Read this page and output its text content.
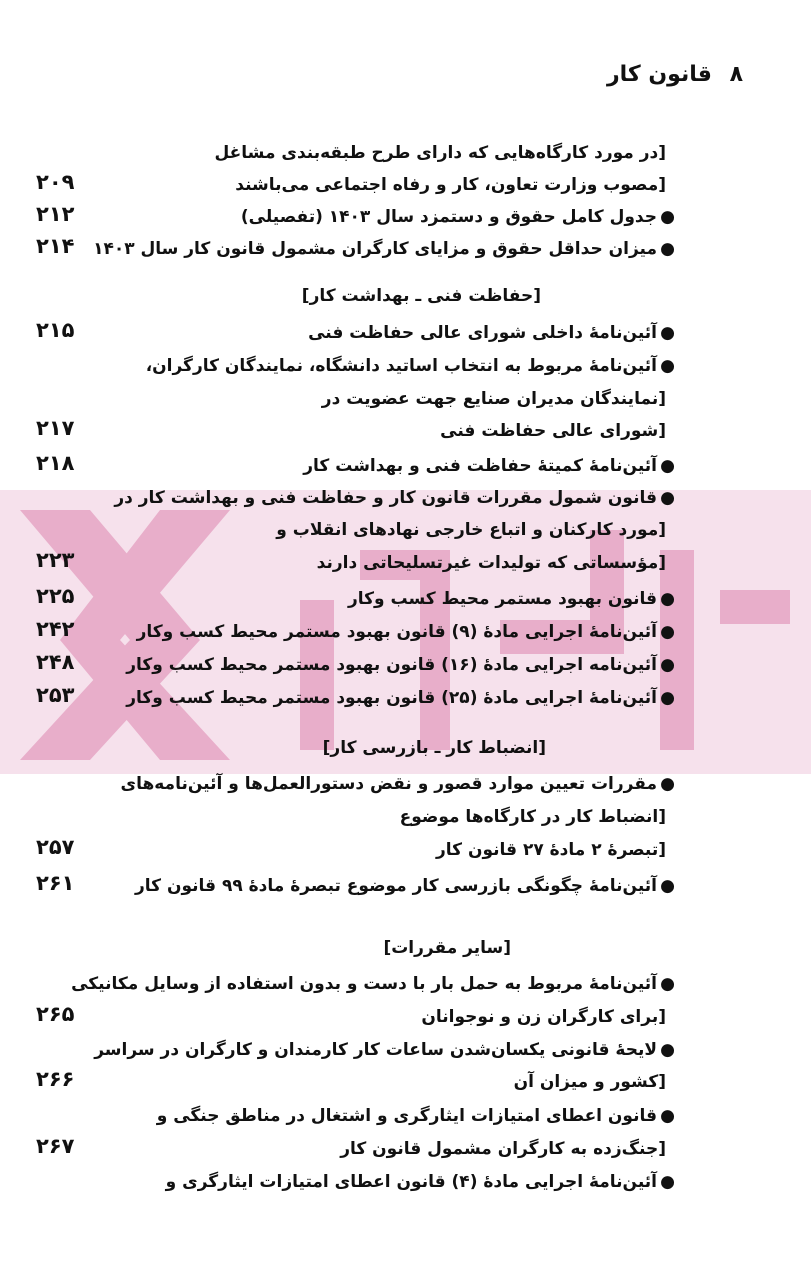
۸ قانون کار
[حفاظت فنی ـ بهداشت کار]
[انضباط کار ـ بازرسی کار]
[سایر مقررات]
[در مورد کارگاه‌هایی که دارای طرح طبقه‌بندی مشاغل
[مصوب وزارت تعاون، کار و رفاه اجتماعی می‌باشند
●جدول کامل حقوق و دستمزد سال ۱۴۰۳ (تفصیلی)
●میزان حداقل حقوق و مزایای کارگران مشمول قانون کار سال ۱۴۰۳
●آئین‌نامهٔ داخلی شورای عالی حفاظت فنی
●آئین‌نامهٔ مربوط به انتخاب اساتید دانشگاه، نمایندگان کارگران،
[نمایندگان مدیران صنایع جهت عضویت در
[شورای عالی حفاظت فنی
●آئین‌نامهٔ کمیتهٔ حفاظت فنی و بهداشت کار
●قانون شمول مقررات قانون کار و حفاظت فنی و بهداشت کار در
[مورد کارکنان و اتباع خارجی نهادهای انقلاب و
[مؤسساتی که تولیدات غیرتسلیحاتی دارند
●قانون بهبود مستمر محیط کسب وکار
●آئین‌نامهٔ اجرایی مادهٔ (۹) قانون بهبود مستمر محیط کسب وکار
●آئین‌نامه اجرایی مادهٔ (۱۶) قانون بهبود مستمر محیط کسب وکار
●آئین‌نامهٔ اجرایی مادهٔ (۲۵) قانون بهبود مستمر محیط کسب وکار
●مقررات تعیین موارد قصور و نقض دستورالعمل‌ها و آئین‌نامه‌های
[انضباط کار در کارگاه‌ها موضوع
[تبصرهٔ ۲ مادهٔ ۲۷ قانون کار
●آئین‌نامهٔ چگونگی بازرسی کار موضوع تبصرهٔ مادهٔ ۹۹ قانون کار
●آئین‌نامهٔ مربوط به حمل بار با دست و بدون استفاده از وسایل مکانیکی
[برای کارگران زن و نوجوانان
●لایحهٔ قانونی یکسان‌شدن ساعات کار کارمندان و کارگران در سراسر
[کشور و میزان آن
●قانون اعطای امتیازات ایثارگری و اشتغال در مناطق جنگی و
[جنگ‌زده به کارگران مشمول قانون کار
●آئین‌نامهٔ اجرایی مادهٔ (۴) قانون اعطای امتیازات ایثارگری و
۲۰۹
۲۱۲
۲۱۴
۲۱۵
۲۱۷
۲۱۸
۲۲۳
۲۲۵
۲۴۲
۲۴۸
۲۵۳
۲۵۷
۲۶۱
۲۶۵
۲۶۶
۲۶۷
